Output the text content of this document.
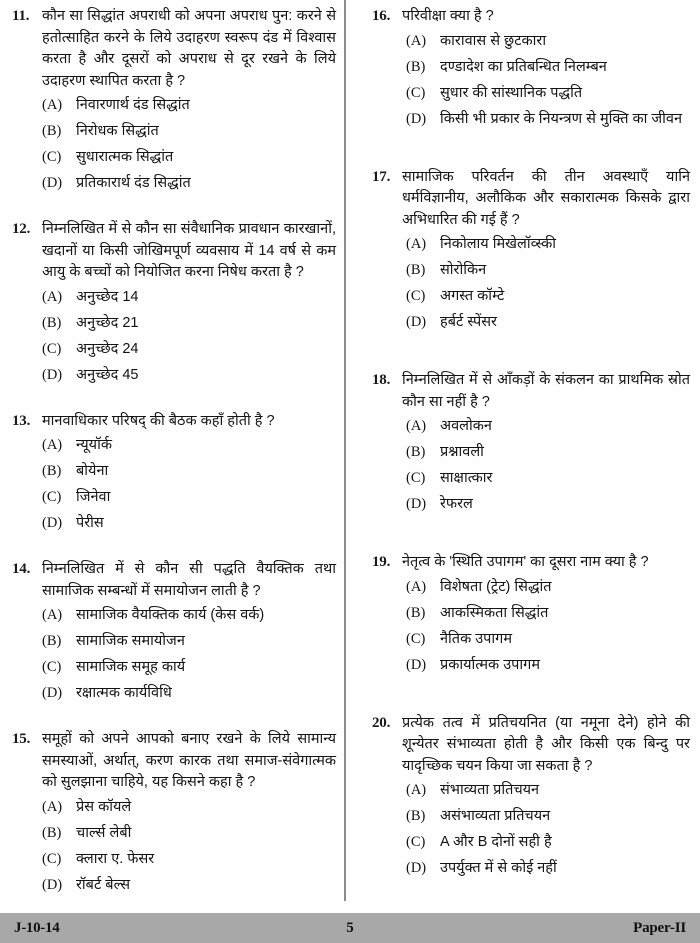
11. कौन सा सिद्धांत अपराधी को अपना अपराध पुन: करने से हतोत्साहित करने के लिये उदाहरण स्वरूप दंड में विश्वास करता है और दूसरों को अपराध से दूर रखने के लिये उदाहरण स्थापित करता है ?

(A) निवारणार्थ दंड सिद्धांत
(B)	निरोधक सिद्धांत
(C)	सुधारात्मक सिद्धांत
(D) प्रतिकारार्थ दंड सिद्धांत
12. निम्नलिखित में से कौन सा संवैधानिक प्रावधान कारखानों, खदानों या किसी जोखिमपूर्ण व्यवसाय में 14 वर्ष से कम आयु के बच्चों को नियोजित करना निषेध करता है ?

(A) अनुच्छेद 14
(B)	अनुच्छेद 21
(C)	अनुच्छेद 24
(D) अनुच्छेद 45
13. मानवाधिकार परिषद् की बैठक कहाँ होती है ?

(A) न्यूयॉर्क
(B)	बोयेना
(C)	जिनेवा
(D) पेरीस
14. निम्नलिखित में से कौन सी पद्धति वैयक्तिक तथा सामाजिक सम्बन्धों में समायोजन लाती है ?

(A) सामाजिक वैयक्तिक कार्य (केस वर्क)
(B)	सामाजिक समायोजन
(C)	सामाजिक समूह कार्य
(D) रक्षात्मक कार्यविधि
15. समूहों को अपने आपको बनाए रखने के लिये सामान्य समस्याओं, अर्थात्, करण कारक तथा समाज-संवेगात्मक को सुलझाना चाहिये, यह किसने कहा है ?

(A) प्रेस कॉयले
(B)	चार्ल्स लेबी
(C)	क्लारा ए. फेसर
(D) रॉबर्ट बेल्स
16. परिवीक्षा क्या है ?

(A) कारावास से छुटकारा
(B)	दण्डादेश का प्रतिबन्धित निलम्बन
(C)	सुधार की सांस्थानिक पद्धति
(D) किसी भी प्रकार के नियन्त्रण से मुक्ति का जीवन
17. सामाजिक परिवर्तन की तीन अवस्थाएँ यानि धर्मविज्ञानीय, अलौकिक और सकारात्मक किसके द्वारा अभिधारित की गई हैं ?

(A) निकोलाय मिखेलॉव्स्की
(B)	सोरोकिन
(C)	अगस्त कॉम्टे
(D) हर्बर्ट स्पेंसर
18. निम्नलिखित में से आँकड़ों के संकलन का प्राथमिक स्रोत कौन सा नहीं है ?

(A) अवलोकन
(B)	प्रश्नावली
(C)	साक्षात्कार
(D) रेफरल
19. नेतृत्व के 'स्थिति उपागम' का दूसरा नाम क्या है ?

(A) विशेषता (ट्रेट) सिद्धांत
(B)	आकस्मिकता सिद्धांत
(C)	नैतिक उपागम
(D) प्रकार्यात्मक उपागम
20. प्रत्येक तत्व में प्रतिचयनित (या नमूना देने) होने की शून्येतर संभाव्यता होती है और किसी एक बिन्दु पर यादृच्छिक चयन किया जा सकता है ?

(A) संभाव्यता प्रतिचयन
(B)	असंभाव्यता प्रतिचयन
(C)	A और B दोनों सही है
(D) उपर्युक्त में से कोई नहीं
J-10-14	5	Paper-II
